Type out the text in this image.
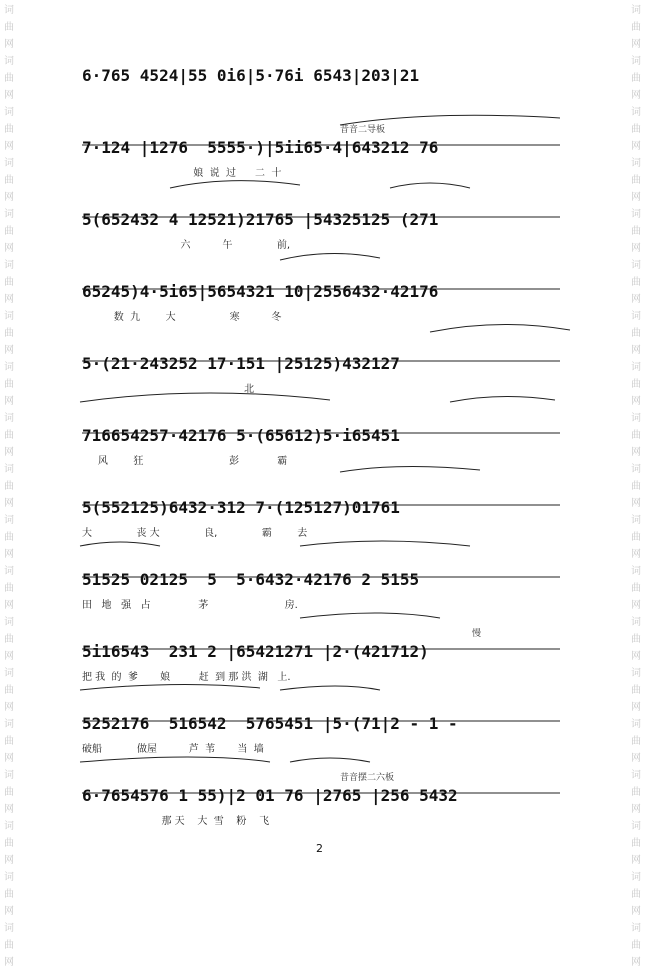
词
曲
网
词
曲
网
词
曲
网
词
曲
网
词
曲
网
词
曲
网
词
曲
网
词
曲
网
词
曲
网
词
曲
网
词
曲
网
词
曲
网
词
曲
网
词
曲
网
词
曲
网
词
曲
网
词
曲
网
词
曲
网
词
曲
网
词
曲
网
词
曲
网
词
曲
网
词
曲
网
词
曲
网
词
曲
网
词
曲
网
词
曲
网
词
曲
网
词
曲
网
词
曲
网
词
曲
网
词
曲
网
词
曲
网
词
曲
网
词
曲
网
词
曲
网
词
曲
网
词
曲
网
6·765 4524|55 0i6|5·76i 6543|203|21
昔音二导板
7·124 |1276  5555·)|5ii65·4|643212 76
娘  说  过      二  十
5(652432 4 12521)21765 |54325125 (271
六          午              前,
65245)4·5i65|5654321 10|2556432·42176
数  九        大                 寒          冬
5·(21·243252 17·151 |25125)432127
北
716654257·42176 5·(65612)5·i65451
风        狂                           彭            霸
5(552125)6432·312 7·(125127)01761
大              丧 大              良,              霸        去
51525 02125  5  5·6432·42176 2 5155
田   地   强   占               茅                        房.
慢
5i16543  231 2 |65421271 |2·(421712)
把 我  的  爹       娘         赶  到 那 洪  湖   上.
5252176  516542  5765451 |5·(71|2 - 1 -
破船           做屋          芦  苇       当  墙
昔音摆二六板
6·7654576 1 55)|2 01 76 |2765 |256 5432
那 天    大  雪    粉    飞
2
